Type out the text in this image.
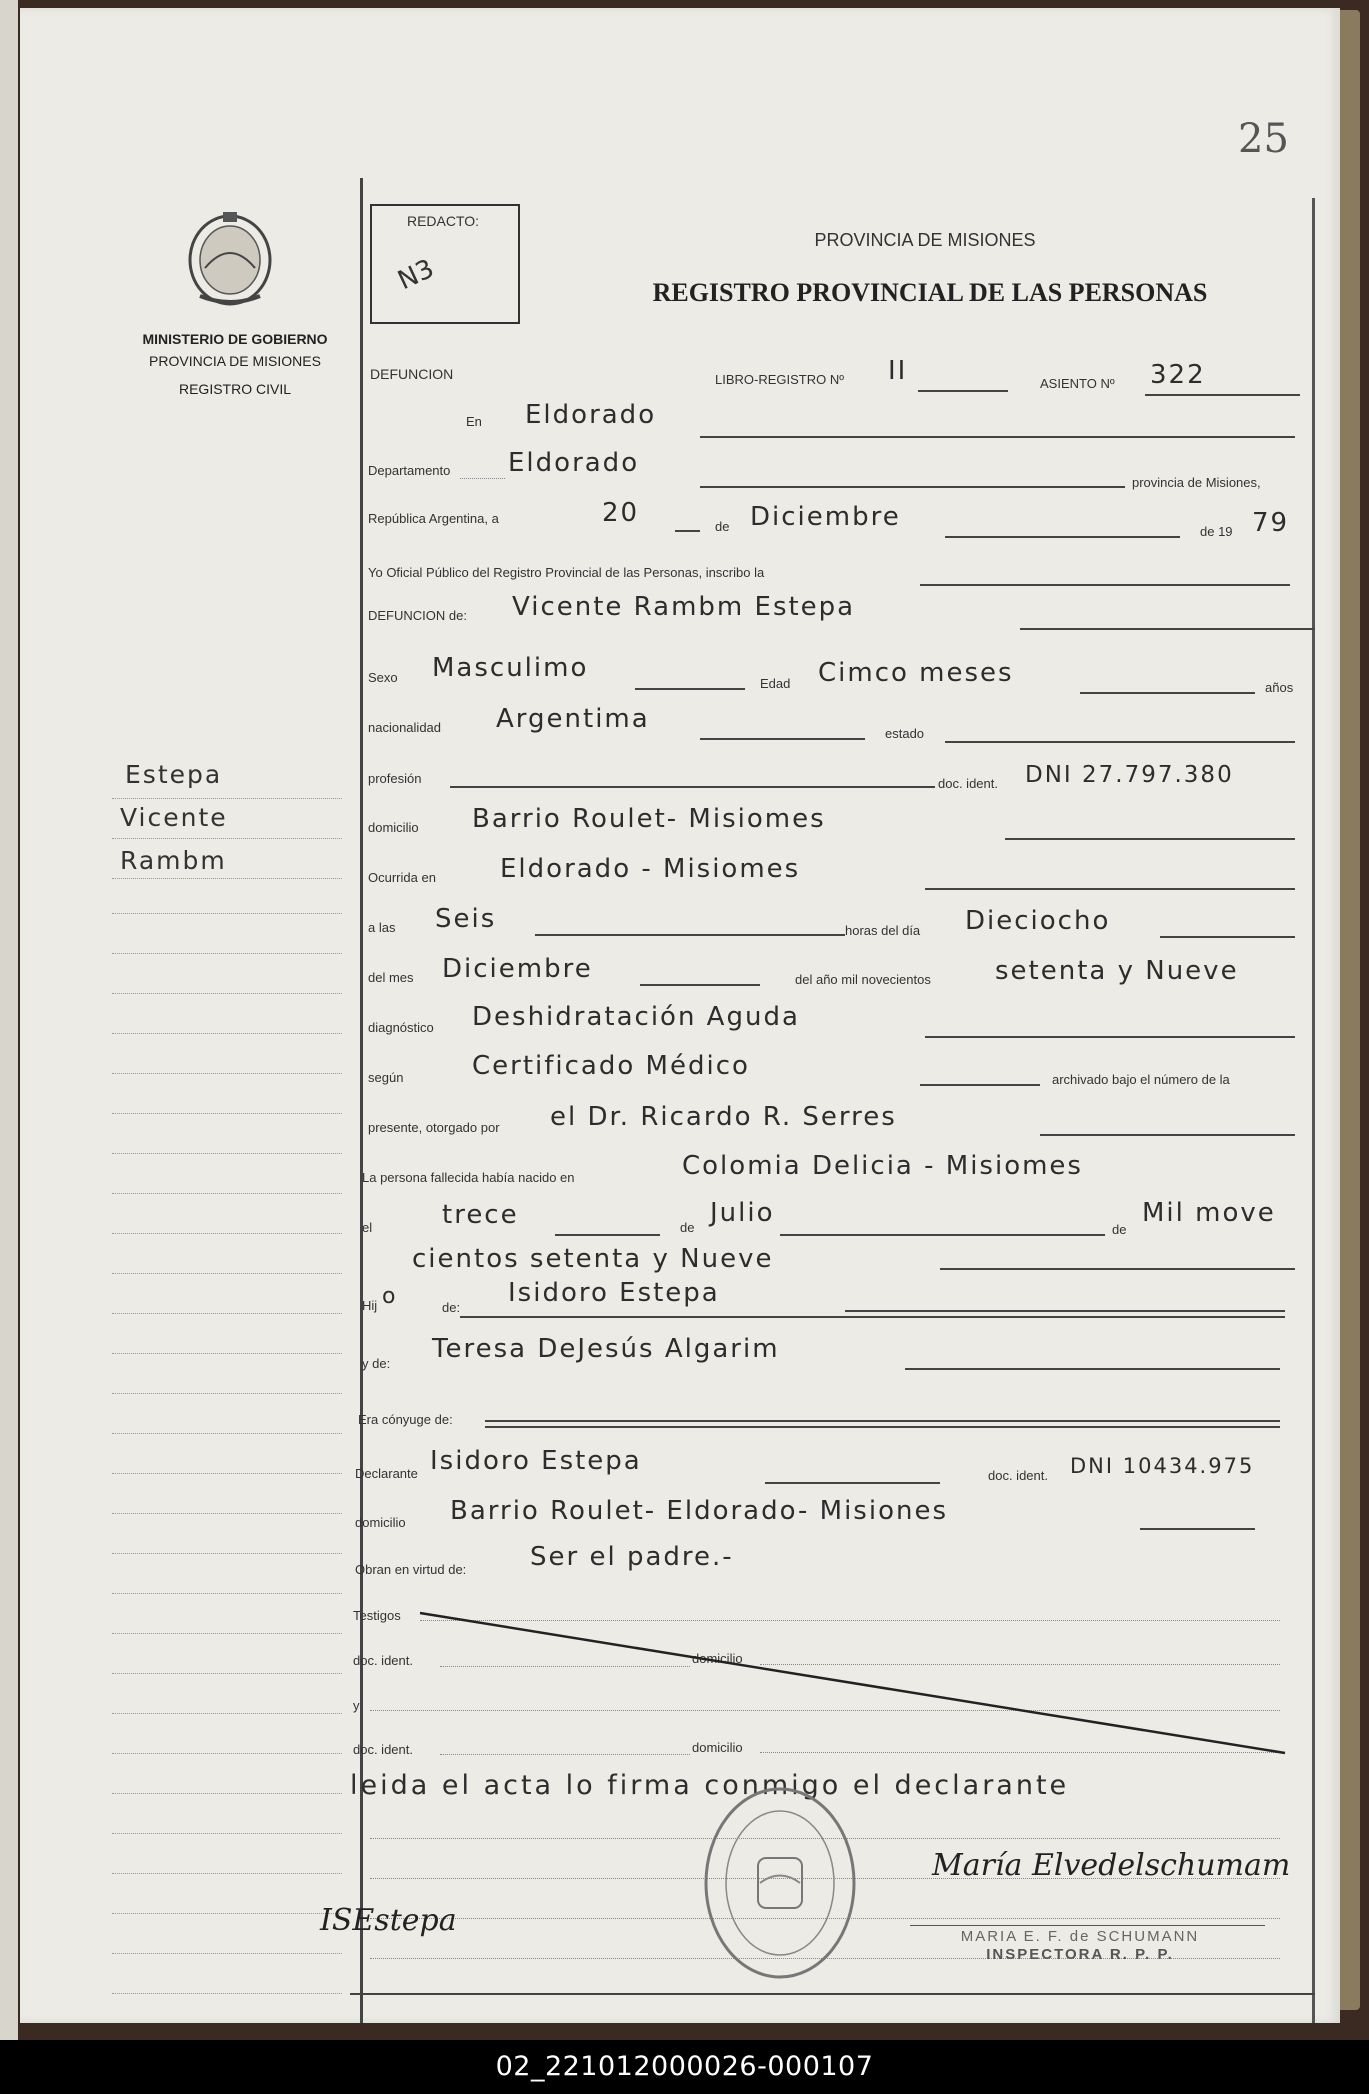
25
MINISTERIO DE GOBIERNO
PROVINCIA DE MISIONES
REGISTRO CIVIL
Estepa
Vicente
Rambm
REDACTO:
N3
PROVINCIA DE MISIONES
REGISTRO PROVINCIAL DE LAS PERSONAS
DEFUNCION	LIBRO-REGISTRO Nº II	ASIENTO Nº 322
En Eldorado
Departamento Eldorado
provincia de Misiones,
República Argentina, a	20	de Diciembre	de 19 79
Yo Oficial Público del Registro Provincial de las Personas, inscribo la
DEFUNCION de: Vicente Rambm Estepa
Sexo Masculimo
Edad Cimco meses	años
nacionalidad Argentima	estado
profesión	doc. ident. DNI 27.797.380
domicilio Barrio Roulet- Misiomes
Ocurrida en Eldorado - Misiomes
a las Seis	horas del día Dieciocho
del mes Diciembre	del año mil novecientos setenta y Nueve
diagnóstico Deshidratación Aguda
según	Certificado Médico	archivado bajo el número de la
presente, otorgado por el Dr. Ricardo R. Serres
La persona fallecida había nacido en	Colomia Delicia - Misiomes
el	trece	de Julio
de
Mil move
cientos setenta y Nueve
Hij o	de: Isidoro Estepa
y de: Teresa DeJesús Algarim
Era cónyuge de:
Declarante Isidoro Estepa	doc. ident. DNI 10434.975
domicilio Barrio Roulet- Eldorado- Misiones
Obran en virtud de: Ser el padre.-
Testigos
doc. ident.	domicilio
y
doc. ident.	domicilio
leida el acta lo firma conmigo el declarante
ISEstepa
María Elvedelschumam
MARIA E. F. de SCHUMANN
INSPECTORA R. P. P.
02_221012000026-000107
